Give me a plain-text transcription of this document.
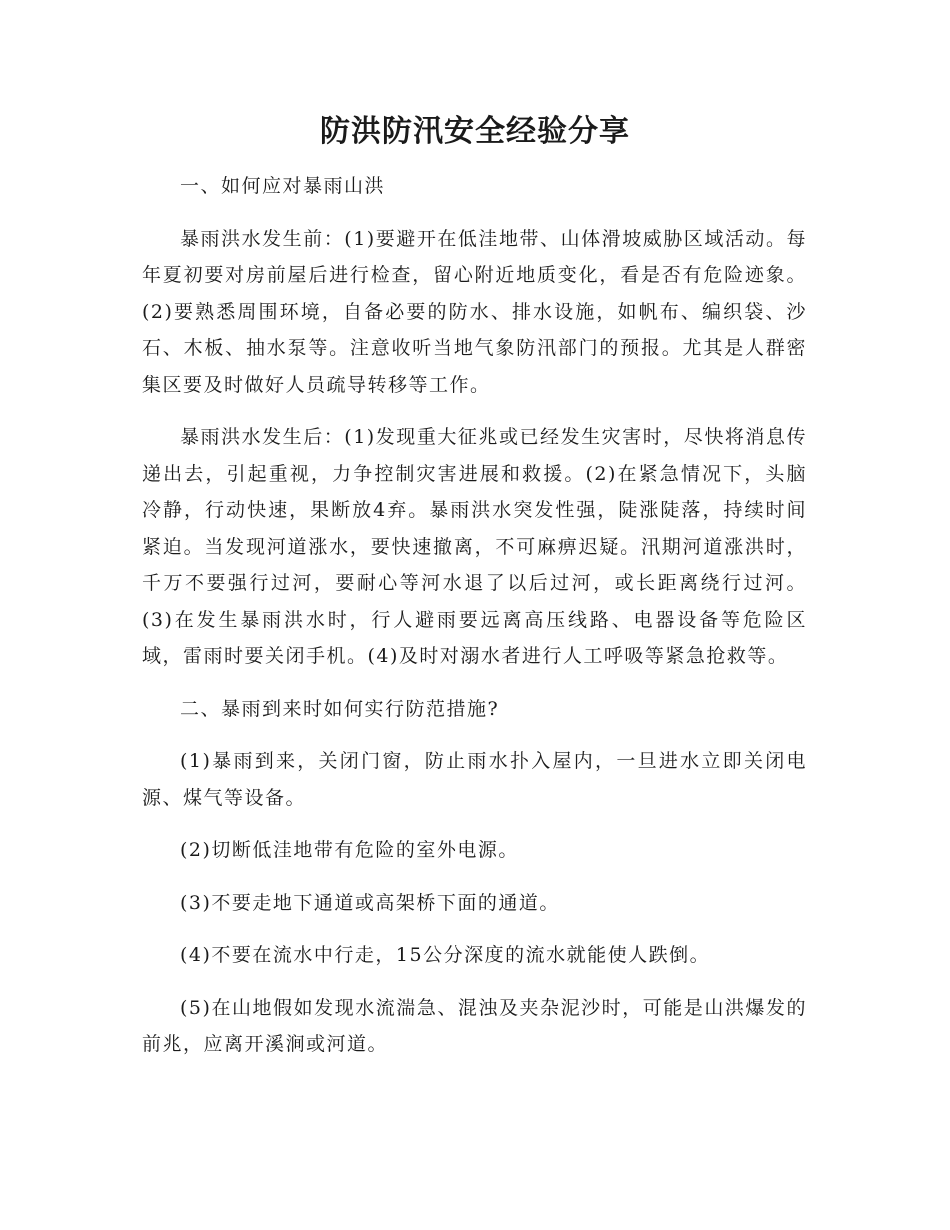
防洪防汛安全经验分享

一、如何应对暴雨山洪

暴雨洪水发生前：(1)要避开在低洼地带、山体滑坡威胁区域活动。每年夏初要对房前屋后进行检查，留心附近地质变化，看是否有危险迹象。(2)要熟悉周围环境，自备必要的防水、排水设施，如帆布、编织袋、沙石、木板、抽水泵等。注意收听当地气象防汛部门的预报。尤其是人群密集区要及时做好人员疏导转移等工作。

暴雨洪水发生后：(1)发现重大征兆或已经发生灾害时，尽快将消息传递出去，引起重视，力争控制灾害进展和救援。(2)在紧急情况下，头脑冷静，行动快速，果断放4弃。暴雨洪水突发性强，陡涨陡落，持续时间紧迫。当发现河道涨水，要快速撤离，不可麻痹迟疑。汛期河道涨洪时，千万不要强行过河，要耐心等河水退了以后过河，或长距离绕行过河。(3)在发生暴雨洪水时，行人避雨要远离高压线路、电器设备等危险区域，雷雨时要关闭手机。(4)及时对溺水者进行人工呼吸等紧急抢救等。

二、暴雨到来时如何实行防范措施?

(1)暴雨到来，关闭门窗，防止雨水扑入屋内，一旦进水立即关闭电源、煤气等设备。

(2)切断低洼地带有危险的室外电源。

(3)不要走地下通道或高架桥下面的通道。

(4)不要在流水中行走，15公分深度的流水就能使人跌倒。

(5)在山地假如发现水流湍急、混浊及夹杂泥沙时，可能是山洪爆发的前兆，应离开溪涧或河道。
